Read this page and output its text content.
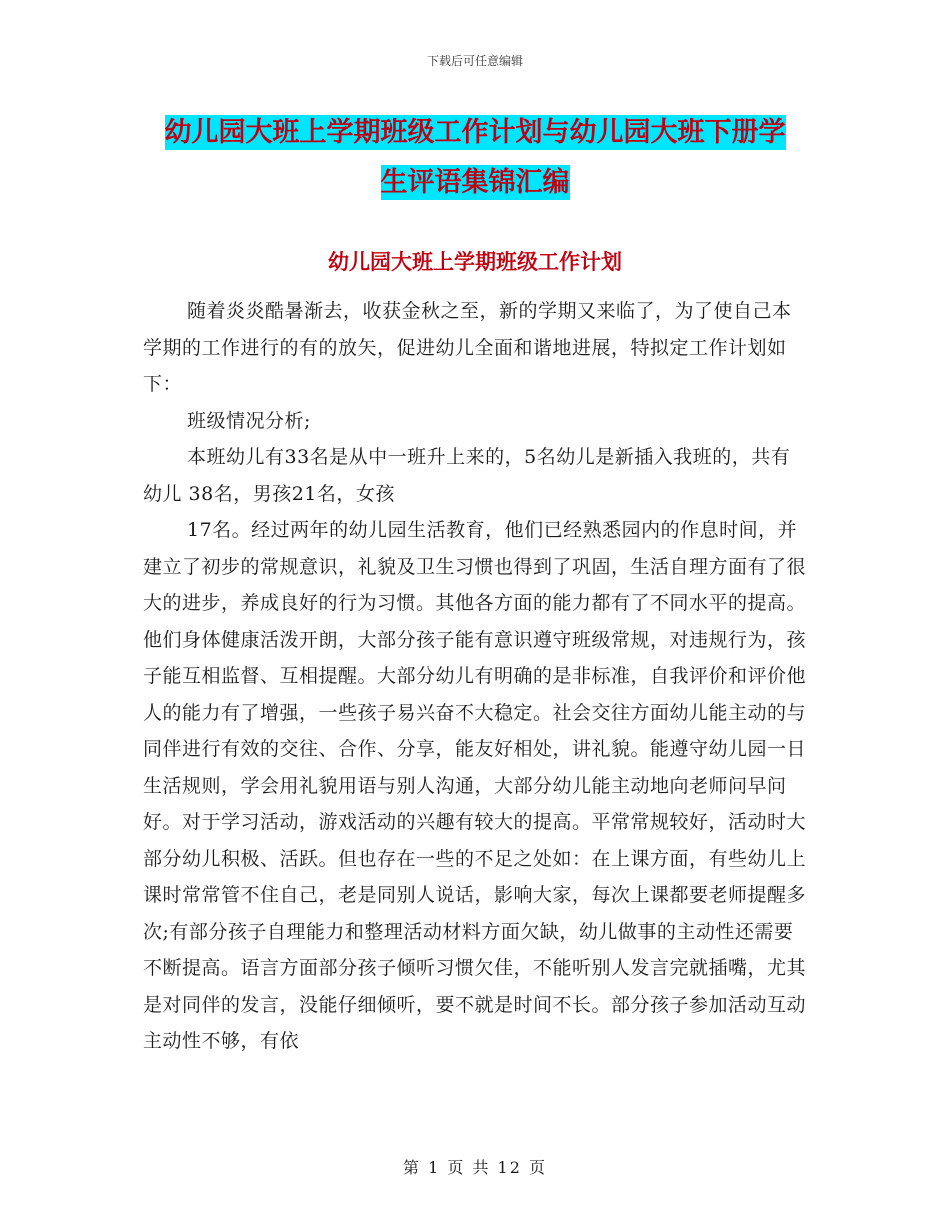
下载后可任意编辑
幼儿园大班上学期班级工作计划与幼儿园大班下册学
生评语集锦汇编
幼儿园大班上学期班级工作计划

随着炎炎酷暑渐去，收获金秋之至，新的学期又来临了，为了使自己本学期的工作进行的有的放矢，促进幼儿全面和谐地进展，特拟定工作计划如下：

班级情况分析;

本班幼儿有33名是从中一班升上来的，5名幼儿是新插入我班的，共有幼儿 38名，男孩21名，女孩

17名。经过两年的幼儿园生活教育，他们已经熟悉园内的作息时间，并建立了初步的常规意识，礼貌及卫生习惯也得到了巩固，生活自理方面有了很大的进步，养成良好的行为习惯。其他各方面的能力都有了不同水平的提高。他们身体健康活泼开朗，大部分孩子能有意识遵守班级常规，对违规行为，孩子能互相监督、互相提醒。大部分幼儿有明确的是非标准，自我评价和评价他人的能力有了增强，一些孩子易兴奋不大稳定。社会交往方面幼儿能主动的与同伴进行有效的交往、合作、分享，能友好相处，讲礼貌。能遵守幼儿园一日生活规则，学会用礼貌用语与别人沟通，大部分幼儿能主动地向老师问早问好。对于学习活动，游戏活动的兴趣有较大的提高。平常常规较好，活动时大部分幼儿积极、活跃。但也存在一些的不足之处如：在上课方面，有些幼儿上课时常常管不住自己，老是同别人说话，影响大家，每次上课都要老师提醒多次;有部分孩子自理能力和整理活动材料方面欠缺，幼儿做事的主动性还需要不断提高。语言方面部分孩子倾听习惯欠佳，不能听别人发言完就插嘴，尤其是对同伴的发言，没能仔细倾听，要不就是时间不长。部分孩子参加活动互动主动性不够，有依

第 1 页 共 12 页
